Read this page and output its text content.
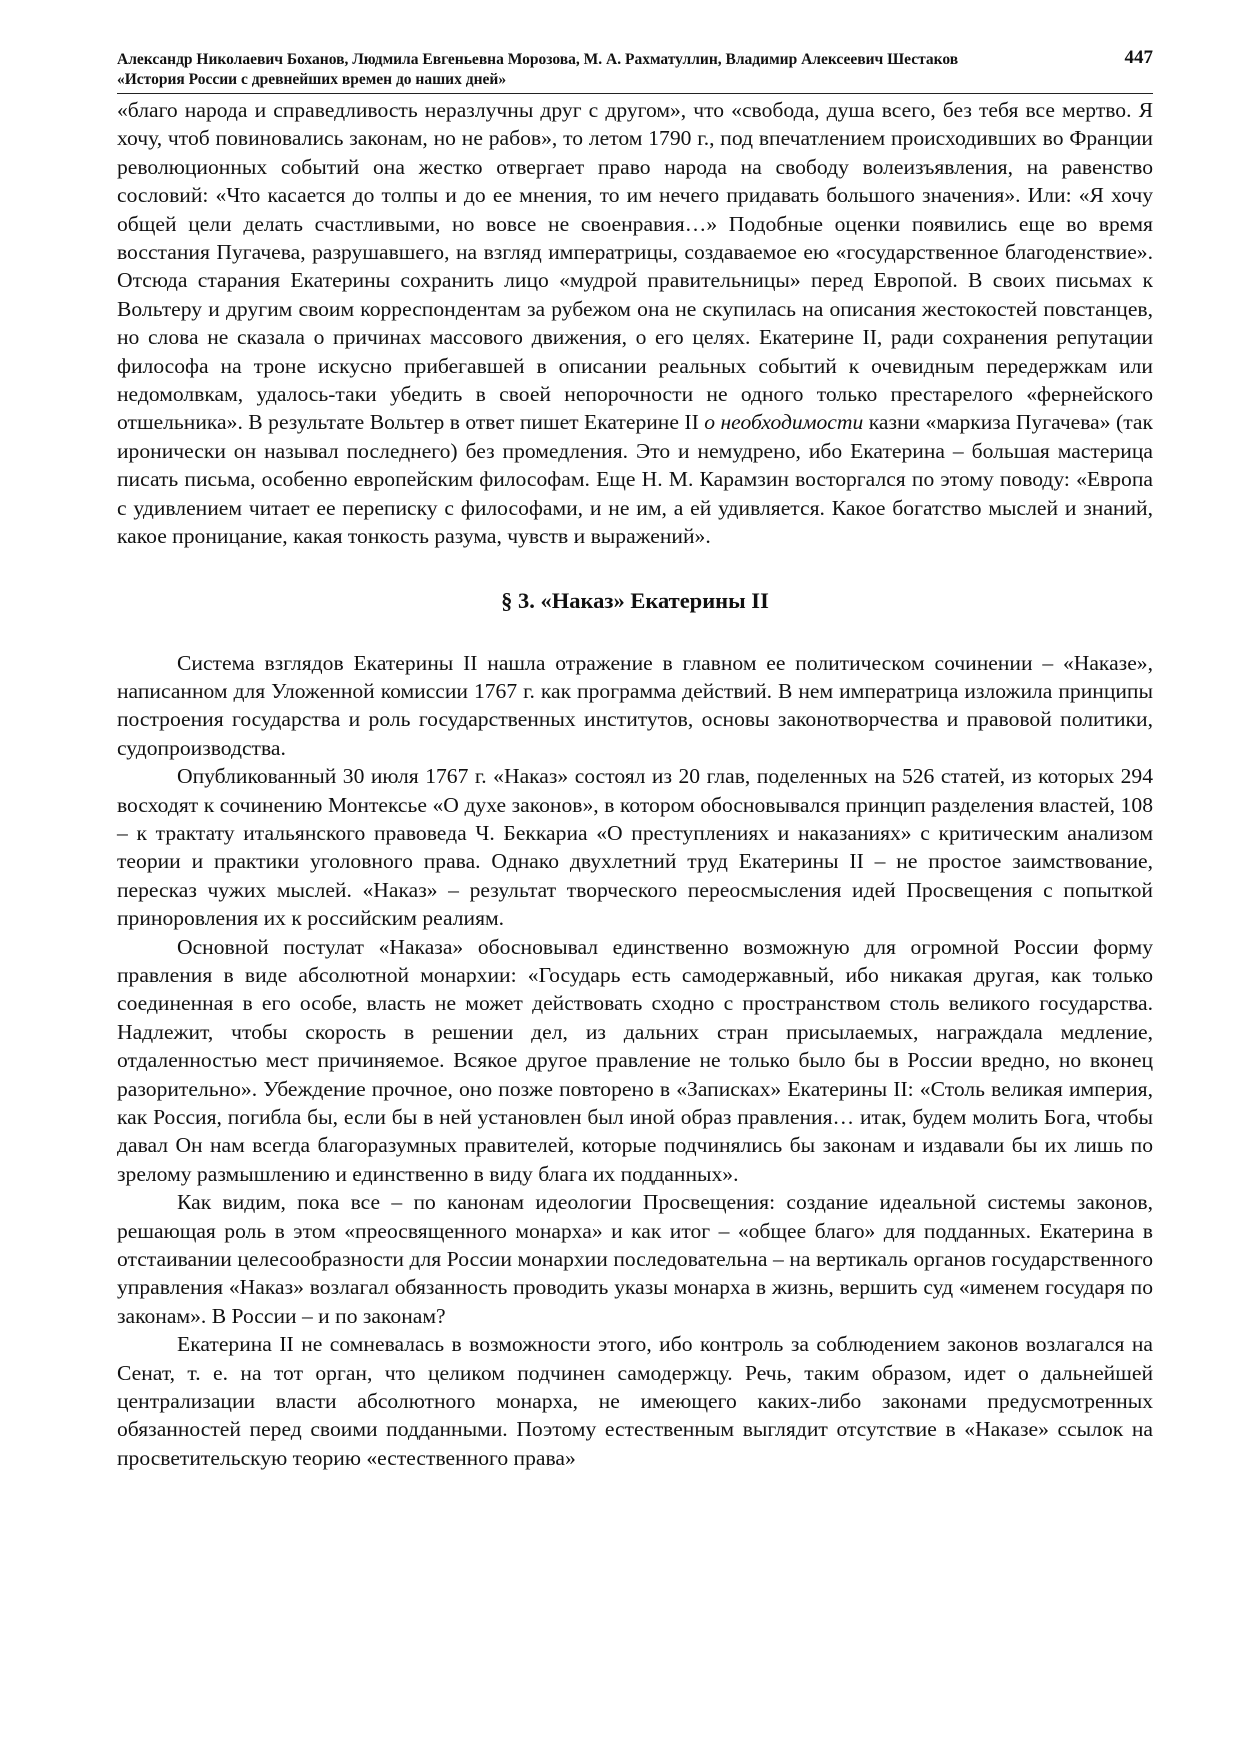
Александр Николаевич Боханов, Людмила Евгеньевна Морозова, М. А. Рахматуллин, Владимир Алексеевич Шестаков	447
«История России с древнейших времен до наших дней»

«благо народа и справедливость неразлучны друг с другом», что «свобода, душа всего, без тебя все мертво. Я хочу, чтоб повиновались законам, но не рабов», то летом 1790 г., под впечатлением происходивших во Франции революционных событий она жестко отвергает право народа на свободу волеизъявления, на равенство сословий: «Что касается до толпы и до ее мнения, то им нечего придавать большого значения». Или: «Я хочу общей цели делать счастливыми, но вовсе не своенравия…» Подобные оценки появились еще во время восстания Пугачева, разрушавшего, на взгляд императрицы, создаваемое ею «государственное благоденствие». Отсюда старания Екатерины сохранить лицо «мудрой правительницы» перед Европой. В своих письмах к Вольтеру и другим своим корреспондентам за рубежом она не скупилась на описания жестокостей повстанцев, но слова не сказала о причинах массового движения, о его целях. Екатерине II, ради сохранения репутации философа на троне искусно прибегавшей в описании реальных событий к очевидным передержкам или недомолвкам, удалось-таки убедить в своей непорочности не одного только престарелого «фернейского отшельника». В результате Вольтер в ответ пишет Екатерине II о необходимости казни «маркиза Пугачева» (так иронически он называл последнего) без промедления. Это и немудрено, ибо Екатерина – большая мастерица писать письма, особенно европейским философам. Еще Н. М. Карамзин восторгался по этому поводу: «Европа с удивлением читает ее переписку с философами, и не им, а ей удивляется. Какое богатство мыслей и знаний, какое проницание, какая тонкость разума, чувств и выражений».

§ 3. «Наказ» Екатерины II

Система взглядов Екатерины II нашла отражение в главном ее политическом сочинении – «Наказе», написанном для Уложенной комиссии 1767 г. как программа действий. В нем императрица изложила принципы построения государства и роль государственных институтов, основы законотворчества и правовой политики, судопроизводства.

Опубликованный 30 июля 1767 г. «Наказ» состоял из 20 глав, поделенных на 526 статей, из которых 294 восходят к сочинению Монтексье «О духе законов», в котором обосновывался принцип разделения властей, 108 – к трактату итальянского правоведа Ч. Беккариа «О преступлениях и наказаниях» с критическим анализом теории и практики уголовного права. Однако двухлетний труд Екатерины II – не простое заимствование, пересказ чужих мыслей. «Наказ» – результат творческого переосмысления идей Просвещения с попыткой приноровления их к российским реалиям.

Основной постулат «Наказа» обосновывал единственно возможную для огромной России форму правления в виде абсолютной монархии: «Государь есть самодержавный, ибо никакая другая, как только соединенная в его особе, власть не может действовать сходно с пространством столь великого государства. Надлежит, чтобы скорость в решении дел, из дальних стран присылаемых, награждала медление, отдаленностью мест причиняемое. Всякое другое правление не только было бы в России вредно, но вконец разорительно». Убеждение прочное, оно позже повторено в «Записках» Екатерины II: «Столь великая империя, как Россия, погибла бы, если бы в ней установлен был иной образ правления… итак, будем молить Бога, чтобы давал Он нам всегда благоразумных правителей, которые подчинялись бы законам и издавали бы их лишь по зрелому размышлению и единственно в виду блага их подданных».

Как видим, пока все – по канонам идеологии Просвещения: создание идеальной системы законов, решающая роль в этом «преосвященного монарха» и как итог – «общее благо» для подданных. Екатерина в отстаивании целесообразности для России монархии последовательна – на вертикаль органов государственного управления «Наказ» возлагал обязанность проводить указы монарха в жизнь, вершить суд «именем государя по законам». В России – и по законам?

Екатерина II не сомневалась в возможности этого, ибо контроль за соблюдением законов возлагался на Сенат, т. е. на тот орган, что целиком подчинен самодержцу. Речь, таким образом, идет о дальнейшей централизации власти абсолютного монарха, не имеющего каких-либо законами предусмотренных обязанностей перед своими подданными. Поэтому естественным выглядит отсутствие в «Наказе» ссылок на просветительскую теорию «естественного права»
